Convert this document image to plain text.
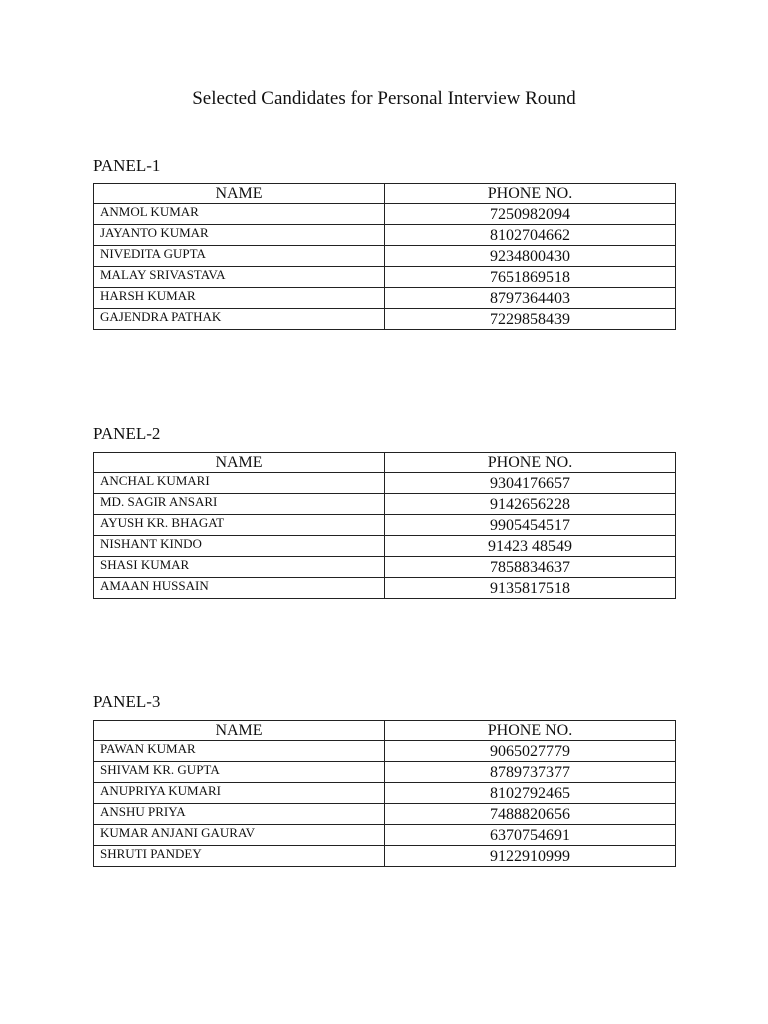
Selected Candidates for Personal Interview Round
PANEL-1
NAME	PHONE NO.
ANMOL KUMAR	7250982094
JAYANTO KUMAR	8102704662
NIVEDITA GUPTA	9234800430
MALAY SRIVASTAVA	7651869518
HARSH KUMAR	8797364403
GAJENDRA PATHAK	7229858439
PANEL-2
NAME	PHONE NO.
ANCHAL KUMARI	9304176657
MD. SAGIR ANSARI	9142656228
AYUSH KR. BHAGAT	9905454517
NISHANT KINDO	91423 48549
SHASI KUMAR	7858834637
AMAAN HUSSAIN	9135817518
PANEL-3
NAME	PHONE NO.
PAWAN KUMAR	9065027779
SHIVAM KR. GUPTA	8789737377
ANUPRIYA KUMARI	8102792465
ANSHU PRIYA	7488820656
KUMAR ANJANI GAURAV	6370754691
SHRUTI PANDEY	9122910999
